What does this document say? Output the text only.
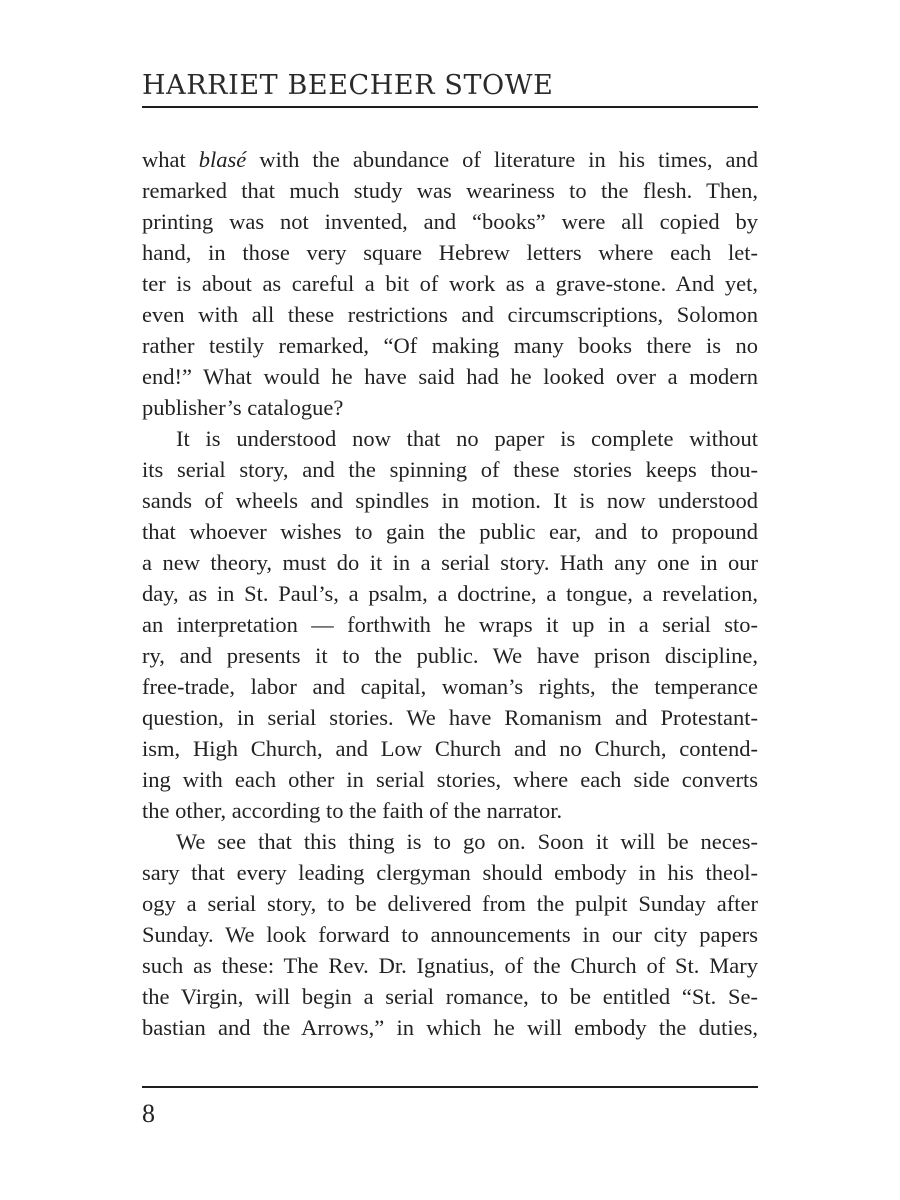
HARRIET BEECHER STOWE
what blasé with the abundance of literature in his times, and
remarked that much study was weariness to the flesh. Then,
printing was not invented, and “books” were all copied by
hand, in those very square Hebrew letters where each let-
ter is about as careful a bit of work as a grave-stone. And yet,
even with all these restrictions and circumscriptions, Solomon
rather testily remarked, “Of making many books there is no
end!” What would he have said had he looked over a modern
publisher’s catalogue?
It is understood now that no paper is complete without
its serial story, and the spinning of these stories keeps thou-
sands of wheels and spindles in motion. It is now understood
that whoever wishes to gain the public ear, and to propound
a new theory, must do it in a serial story. Hath any one in our
day, as in St. Paul’s, a psalm, a doctrine, a tongue, a revelation,
an interpretation — forthwith he wraps it up in a serial sto-
ry, and presents it to the public. We have prison discipline,
free-trade, labor and capital, woman’s rights, the temperance
question, in serial stories. We have Romanism and Protestant-
ism, High Church, and Low Church and no Church, contend-
ing with each other in serial stories, where each side converts
the other, according to the faith of the narrator.
We see that this thing is to go on. Soon it will be neces-
sary that every leading clergyman should embody in his theol-
ogy a serial story, to be delivered from the pulpit Sunday after
Sunday. We look forward to announcements in our city papers
such as these: The Rev. Dr. Ignatius, of the Church of St. Mary
the Virgin, will begin a serial romance, to be entitled “St. Se-
bastian and the Arrows,” in which he will embody the duties,
8
